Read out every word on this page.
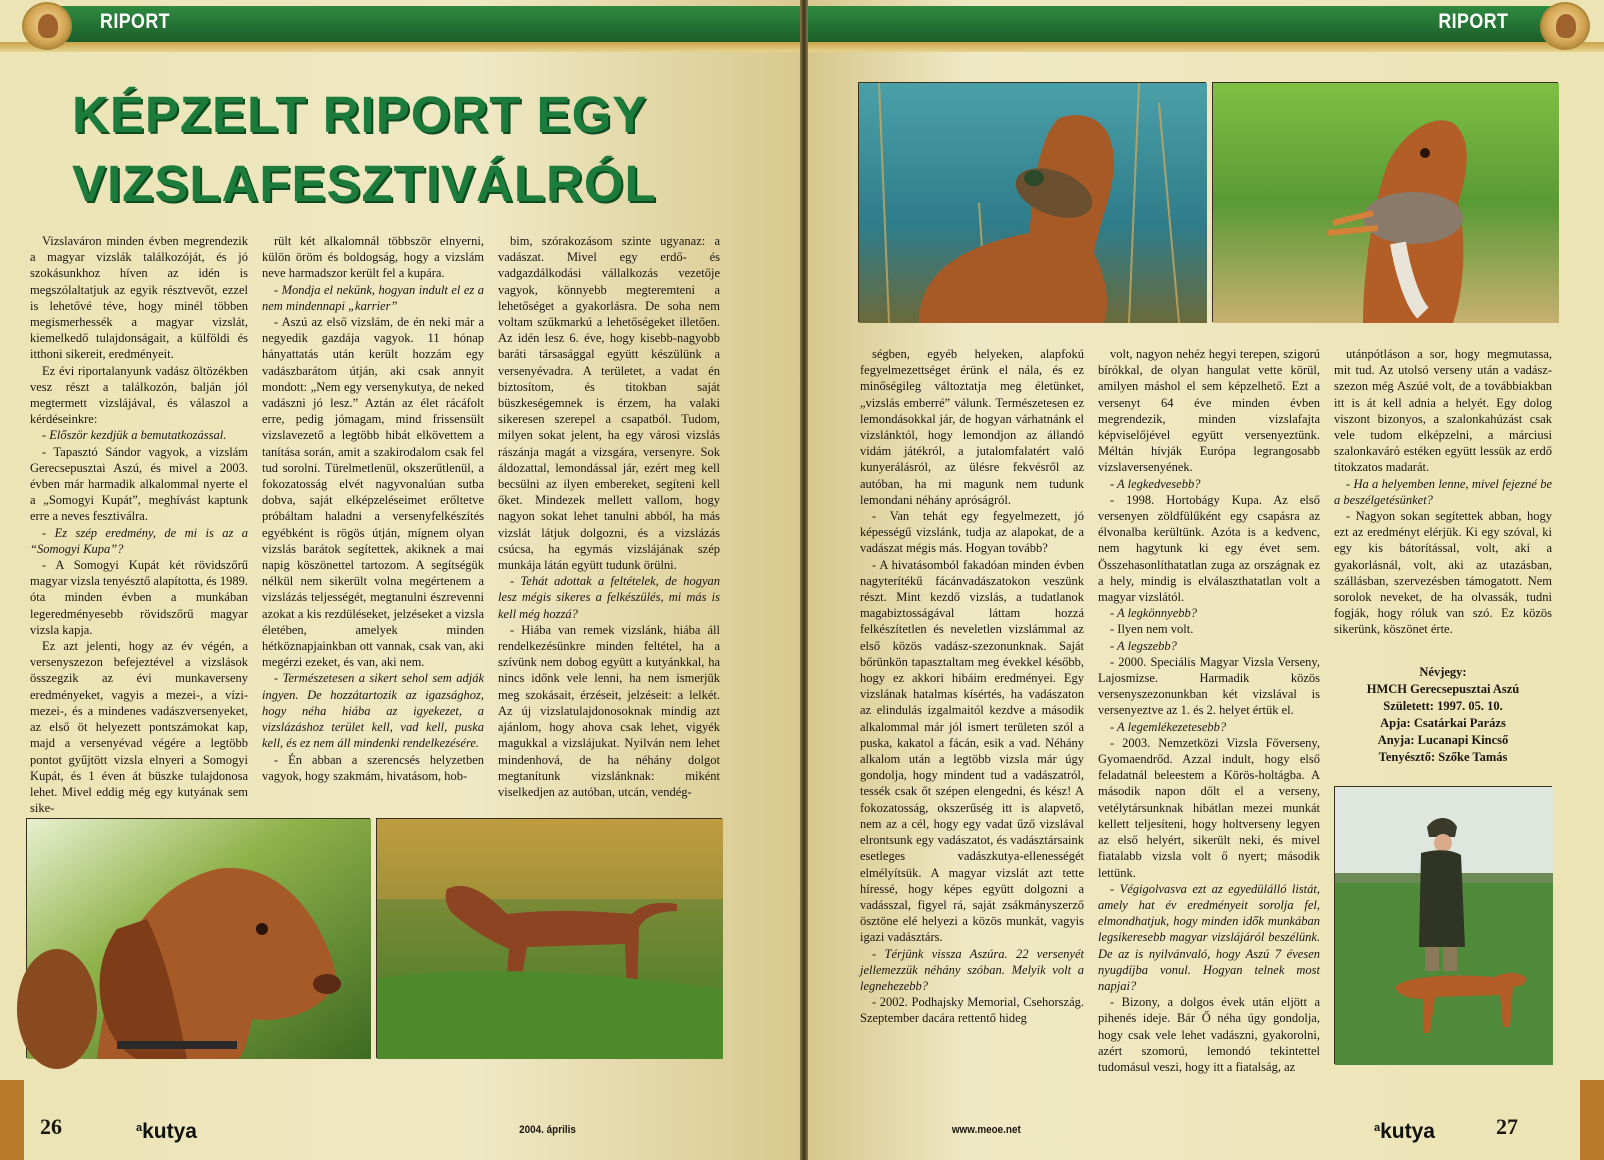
RIPORT
KÉPZELT RIPORT EGY
VIZSLAFESZTIVÁLRÓL

Vizslaváron minden évben megrendezik a magyar vizslák találkozóját, és jó szokásunkhoz híven az idén is megszólaltatjuk az egyik résztvevőt, ezzel is lehetővé téve, hogy minél többen megismerhessék a magyar vizslát, kiemelkedő tulajdonságait, a külföldi és itthoni sikereit, eredményeit.

Ez évi riportalanyunk vadász öltözékben vesz részt a találkozón, balján jól megtermett vizslájával, és válaszol a kérdéseinkre:

- Először kezdjük a bemutatkozással.

- Tapasztó Sándor vagyok, a vizslám Gerecsepusztai Aszú, és mivel a 2003. évben már harmadik alkalommal nyerte el a „Somogyi Kupát”, meghívást kaptunk erre a neves fesztiválra.

- Ez szép eredmény, de mi is az a “Somogyi Kupa”?

- A Somogyi Kupát két rövidszőrű magyar vizsla tenyésztő alapította, és 1989. óta minden évben a munkában legeredményesebb rövidszőrű magyar vizsla kapja.

Ez azt jelenti, hogy az év végén, a versenyszezon befejeztével a vizslások összegzik az évi munkaverseny eredményeket, vagyis a mezei-, a vízi-mezei-, és a mindenes vadászversenyeket, az első öt helyezett pontszámokat kap, majd a versenyévad végére a legtöbb pontot gyűjtött vizsla elnyeri a Somogyi Kupát, és 1 éven át büszke tulajdonosa lehet. Mivel eddig még egy kutyának sem sike-

rült két alkalomnál többször elnyerni, külön öröm és boldogság, hogy a vizslám neve harmadszor került fel a kupára.

- Mondja el nekünk, hogyan indult el ez a nem mindennapi „karrier”

- Aszú az első vizslám, de én neki már a negyedik gazdája vagyok. 11 hónap hányattatás után került hozzám egy vadászbarátom útján, aki csak annyit mondott: „Nem egy versenykutya, de neked vadászni jó lesz.” Aztán az élet rácáfolt erre, pedig jómagam, mind frissensült vizslavezető a legtöbb hibát elkövettem a tanítása során, amit a szakirodalom csak fel tud sorolni. Türelmetlenül, okszerűtlenül, a fokozatosság elvét nagyvonalúan sutba dobva, saját elképzeléseimet erőltetve próbáltam haladni a versenyfelkészítés egyébként is rögös útján, mígnem olyan vizslás barátok segítettek, akiknek a mai napig köszönettel tartozom. A segítségük nélkül nem sikerült volna megértenem a vizslázás teljességét, megtanulni észrevenni azokat a kis rezdüléseket, jelzéseket a vizsla életében, amelyek minden hétköznapjainkban ott vannak, csak van, aki megérzi ezeket, és van, aki nem.

- Természetesen a sikert sehol sem adják ingyen. De hozzátartozik az igazsághoz, hogy néha hiába az igyekezet, a vizslázáshoz terület kell, vad kell, puska kell, és ez nem áll mindenki rendelkezésére.

- Én abban a szerencsés helyzetben vagyok, hogy szakmám, hivatásom, hob-

bim, szórakozásom szinte ugyanaz: a vadászat. Mivel egy erdő- és vadgazdálkodási vállalkozás vezetője vagyok, könnyebb megteremteni a lehetőséget a gyakorlásra. De soha nem voltam szűkmarkú a lehetőségeket illetően. Az idén lesz 6. éve, hogy kisebb-nagyobb baráti társasággal együtt készülünk a versenyévadra. A területet, a vadat én biztosítom, és titokban saját büszkeségemnek is érzem, ha valaki sikeresen szerepel a csapatból. Tudom, milyen sokat jelent, ha egy városi vizslás rászánja magát a vizsgára, versenyre. Sok áldozattal, lemondással jár, ezért meg kell becsülni az ilyen embereket, segíteni kell őket. Mindezek mellett vallom, hogy nagyon sokat lehet tanulni abból, ha más vizslát látjuk dolgozni, és a vizslázás csúcsa, ha egymás vizslájának szép munkája látán együtt tudunk örülni.

- Tehát adottak a feltételek, de hogyan lesz mégis sikeres a felkészülés, mi más is kell még hozzá?

- Hiába van remek vizslánk, hiába áll rendelkezésünkre minden feltétel, ha a szívünk nem dobog együtt a kutyánkkal, ha nincs időnk vele lenni, ha nem ismerjük meg szokásait, érzéseit, jelzéseit: a lelkét. Az új vizslatulajdonosoknak mindig azt ajánlom, hogy ahova csak lehet, vigyék magukkal a vizslájukat. Nyilván nem lehet mindenhová, de ha néhány dolgot megtanítunk vizslánknak: miként viselkedjen az autóban, utcán, vendég-

26	$^a$kutya	2004. április
RIPORT

ségben, egyéb helyeken, alapfokú fegyelmezettséget érünk el nála, és ez minőségileg változtatja meg életünket, „vizslás emberré” válunk. Természetesen ez lemondásokkal jár, de hogyan várhatnánk el vizslánktól, hogy lemondjon az állandó vidám játékról, a jutalomfalatért való kunyerálásról, az ülésre fekvésről az autóban, ha mi magunk nem tudunk lemondani néhány apróságról.

- Van tehát egy fegyelmezett, jó képességű vizslánk, tudja az alapokat, de a vadászat mégis más. Hogyan tovább?

- A hivatásomból fakadóan minden évben nagyterítékű fácánvadászatokon veszünk részt. Mint kezdő vizslás, a tudatlanok magabiztosságával láttam hozzá felkészítetlen és neveletlen vizslámmal az első közös vadász-szezonunknak. Saját bőrünkön tapasztaltam meg évekkel később, hogy ez akkori hibáim eredményei. Egy vizslának hatalmas kísértés, ha vadászaton az elindulás izgalmaitól kezdve a második alkalommal már jól ismert területen szól a puska, kakatol a fácán, esik a vad. Néhány alkalom után a legtöbb vizsla már úgy gondolja, hogy mindent tud a vadászatról, tessék csak őt szépen elengedni, és kész! A fokozatosság, okszerűség itt is alapvető, nem az a cél, hogy egy vadat űző vizslával elrontsunk egy vadászatot, és vadásztársaink esetleges vadászkutya-ellenességét elmélyítsük. A magyar vizslát azt tette híressé, hogy képes együtt dolgozni a vadásszal, figyel rá, saját zsákmányszerző ösztöne elé helyezi a közös munkát, vagyis igazi vadásztárs.

- Térjünk vissza Aszúra. 22 versenyét jellemezzük néhány szóban. Melyik volt a legnehezebb?

- 2002. Podhajsky Memorial, Csehország. Szeptember dacára rettentő hideg

volt, nagyon nehéz hegyi terepen, szigorú bírókkal, de olyan hangulat vette körül, amilyen máshol el sem képzelhető. Ezt a versenyt 64 éve minden évben megrendezik, minden vizslafajta képviselőjével együtt versenyeztünk. Méltán hívják Európa legrangosabb vizslaversenyének.

- A legkedvesebb?

- 1998. Hortobágy Kupa. Az első versenyen zöldfülűként egy csapásra az élvonalba kerültünk. Azóta is a kedvenc, nem hagytunk ki egy évet sem. Összehasonlíthatatlan zuga az országnak ez a hely, mindig is elválaszthatatlan volt a magyar vizslától.

- A legkönnyebb?

- Ilyen nem volt.

- A legszebb?

- 2000. Speciális Magyar Vizsla Verseny, Lajosmizse. Harmadik közös versenyszezonunkban két vizslával is versenyeztve az 1. és 2. helyet értük el.

- A legemlékezetesebb?

- 2003. Nemzetközi Vizsla Főverseny, Gyomaendrőd. Azzal indult, hogy első feladatnál beleestem a Körös-holtágba. A második napon dőlt el a verseny, vetélytársunknak hibátlan mezei munkát kellett teljesíteni, hogy holtverseny legyen az első helyért, sikerült neki, és mivel fiatalabb vizsla volt ő nyert; második lettünk.

- Végigolvasva ezt az egyedülálló listát, amely hat év eredményeit sorolja fel, elmondhatjuk, hogy minden idők munkában legsikeresebb magyar vizslájáról beszélünk. De az is nyilvánvaló, hogy Aszú 7 évesen nyugdíjba vonul. Hogyan telnek most napjai?

- Bizony, a dolgos évek után eljött a pihenés ideje. Bár Ő néha úgy gondolja, hogy csak vele lehet vadászni, gyakorolni, azért szomorú, lemondó tekintettel tudomásul veszi, hogy itt a fiatalság, az

utánpótláson a sor, hogy megmutassa, mit tud. Az utolsó verseny után a vadász-szezon még Aszúé volt, de a továbbiakban itt is át kell adnia a helyét. Egy dolog viszont bizonyos, a szalonkahúzást csak vele tudom elképzelni, a márciusi szalonkavárό estéken együtt lessük az erdő titokzatos madarát.

- Ha a helyemben lenne, mivel fejezné be a beszélgetésünket?

- Nagyon sokan segítettek abban, hogy ezt az eredményt elérjük. Ki egy szóval, ki egy kis bátorítással, volt, aki a gyakorlásnál, volt, aki az utazásban, szállásban, szervezésben támogatott. Nem sorolok neveket, de ha olvassák, tudni fogják, hogy róluk van szó. Ez közös sikerünk, köszönet érte.

Névjegy:

HMCH Gerecsepusztai Aszú

Született: 1997. 05. 10.

Apja: Csatárkai Parázs

Anyja: Lucanapi Kincső

Tenyésztő: Szőke Tamás

www.meoe.net	$^a$kutya	27
